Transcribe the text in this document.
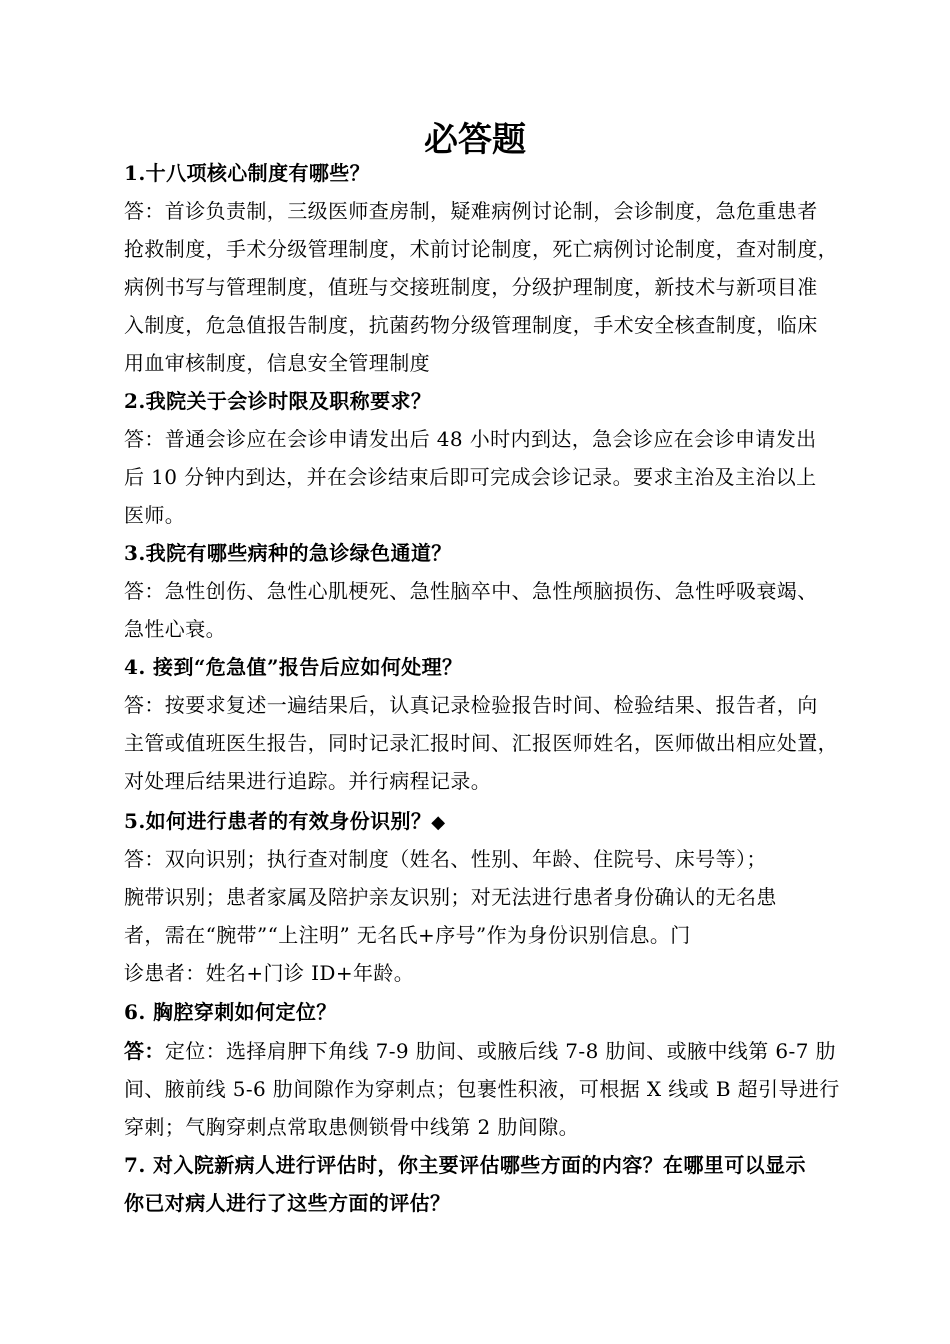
必答题
1.十八项核心制度有哪些？
答：首诊负责制，三级医师查房制，疑难病例讨论制，会诊制度，急危重患者
抢救制度，手术分级管理制度，术前讨论制度，死亡病例讨论制度，查对制度，
病例书写与管理制度，值班与交接班制度，分级护理制度，新技术与新项目准
入制度，危急值报告制度，抗菌药物分级管理制度，手术安全核查制度，临床
用血审核制度，信息安全管理制度
2.我院关于会诊时限及职称要求？
答：普通会诊应在会诊申请发出后 48 小时内到达，急会诊应在会诊申请发出
后 10 分钟内到达，并在会诊结束后即可完成会诊记录。要求主治及主治以上
医师。
3.我院有哪些病种的急诊绿色通道？
答：急性创伤、急性心肌梗死、急性脑卒中、急性颅脑损伤、急性呼吸衰竭、
急性心衰。
4. 接到“危急值”报告后应如何处理？
答：按要求复述一遍结果后，认真记录检验报告时间、检验结果、报告者，向
主管或值班医生报告，同时记录汇报时间、汇报医师姓名，医师做出相应处置，
对处理后结果进行追踪。并行病程记录。
5.如何进行患者的有效身份识别？◆
答：双向识别；执行查对制度（姓名、性别、年龄、住院号、床号等）；
腕带识别；患者家属及陪护亲友识别；对无法进行患者身份确认的无名患
者，需在“腕带”“上注明” 无名氏+序号”作为身份识别信息。门
诊患者：姓名+门诊 ID+年龄。
6. 胸腔穿刺如何定位？
答：定位：选择肩胛下角线 7-9 肋间、或腋后线 7-8 肋间、或腋中线第 6-7 肋
间、腋前线 5-6 肋间隙作为穿刺点；包裹性积液，可根据 X 线或 B 超引导进行
穿刺；气胸穿刺点常取患侧锁骨中线第 2 肋间隙。
7. 对入院新病人进行评估时，你主要评估哪些方面的内容？在哪里可以显示
你已对病人进行了这些方面的评估？
